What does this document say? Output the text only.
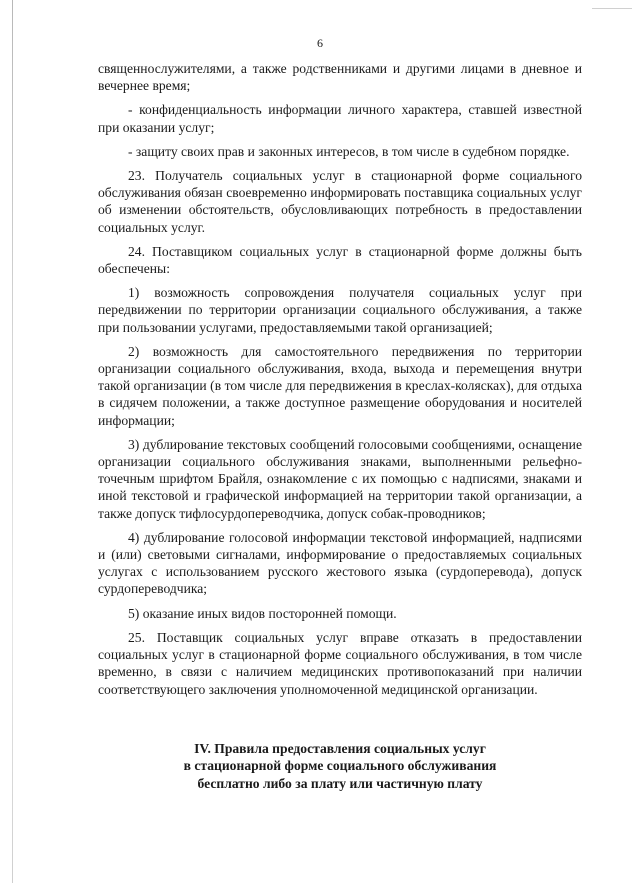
6

священнослужителями, а также родственниками и другими лицами в дневное и вечернее время;

- конфиденциальность информации личного характера, ставшей известной при оказании услуг;

- защиту своих прав и законных интересов, в том числе в судебном порядке.

23. Получатель социальных услуг в стационарной форме социального обслуживания обязан своевременно информировать поставщика социальных услуг об изменении обстоятельств, обусловливающих потребность в предоставлении социальных услуг.

24. Поставщиком социальных услуг в стационарной форме должны быть обеспечены:

1) возможность сопровождения получателя социальных услуг при передвижении по территории организации социального обслуживания, а также при пользовании услугами, предоставляемыми такой организацией;

2) возможность для самостоятельного передвижения по территории организации социального обслуживания, входа, выхода и перемещения внутри такой организации (в том числе для передвижения в креслах-колясках), для отдыха в сидячем положении, а также доступное размещение оборудования и носителей информации;

3) дублирование текстовых сообщений голосовыми сообщениями, оснащение организации социального обслуживания знаками, выполненными рельефно-точечным шрифтом Брайля, ознакомление с их помощью с надписями, знаками и иной текстовой и графической информацией на территории такой организации, а также допуск тифлосурдопереводчика, допуск собак-проводников;

4) дублирование голосовой информации текстовой информацией, надписями и (или) световыми сигналами, информирование о предоставляемых социальных услугах с использованием русского жестового языка (сурдоперевода), допуск сурдопереводчика;

5) оказание иных видов посторонней помощи.

25. Поставщик социальных услуг вправе отказать в предоставлении социальных услуг в стационарной форме социального обслуживания, в том числе временно, в связи с наличием медицинских противопоказаний при наличии соответствующего заключения уполномоченной медицинской организации.

IV. Правила предоставления социальных услуг
в стационарной форме социального обслуживания
бесплатно либо за плату или частичную плату
